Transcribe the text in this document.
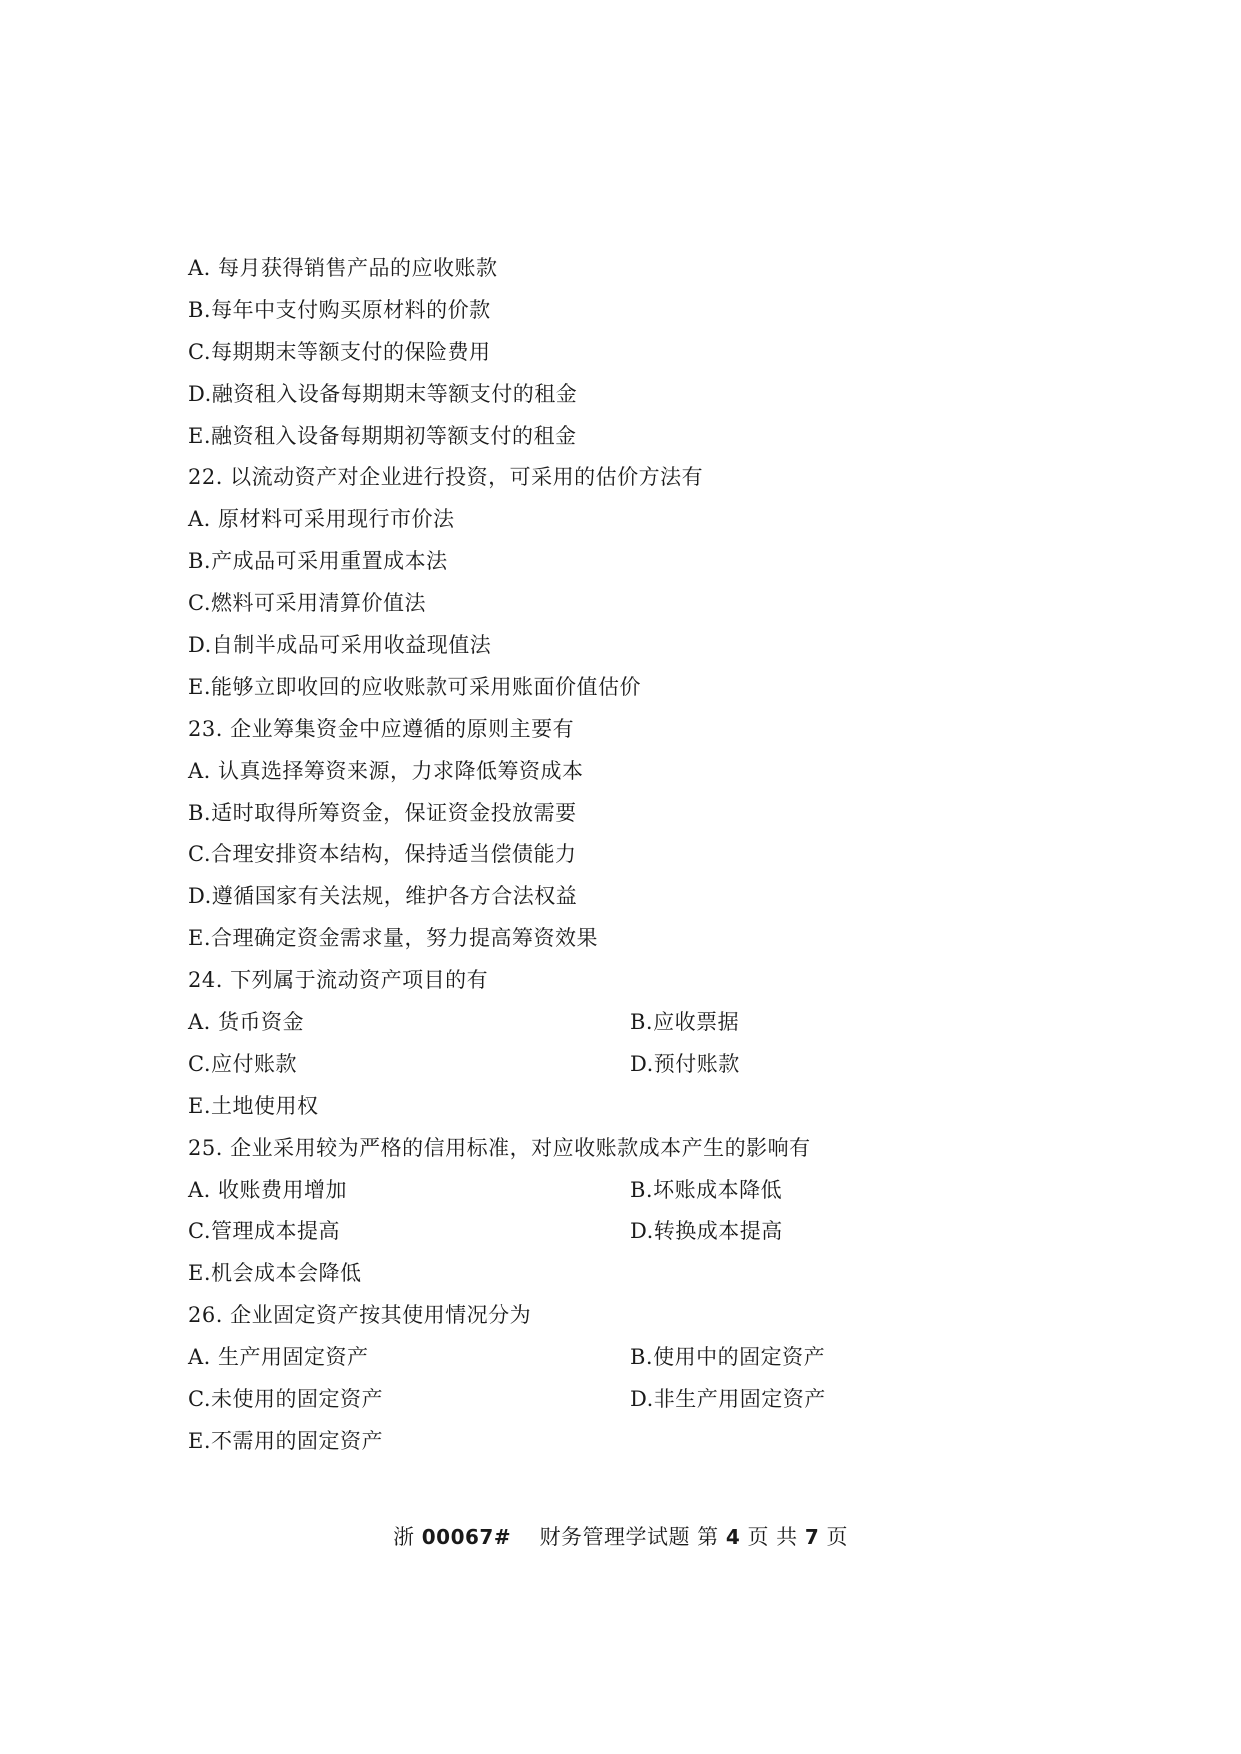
A. 每月获得销售产品的应收账款
B.每年中支付购买原材料的价款
C.每期期末等额支付的保险费用
D.融资租入设备每期期末等额支付的租金
E.融资租入设备每期期初等额支付的租金
22. 以流动资产对企业进行投资，可采用的估价方法有
A. 原材料可采用现行市价法
B.产成品可采用重置成本法
C.燃料可采用清算价值法
D.自制半成品可采用收益现值法
E.能够立即收回的应收账款可采用账面价值估价
23. 企业筹集资金中应遵循的原则主要有
A. 认真选择筹资来源，力求降低筹资成本
B.适时取得所筹资金，保证资金投放需要
C.合理安排资本结构，保持适当偿债能力
D.遵循国家有关法规，维护各方合法权益
E.合理确定资金需求量，努力提高筹资效果
24. 下列属于流动资产项目的有
A. 货币资金	B.应收票据
C.应付账款	D.预付账款
E.土地使用权
25. 企业采用较为严格的信用标准，对应收账款成本产生的影响有
A. 收账费用增加	B.坏账成本降低
C.管理成本提高	D.转换成本提高
E.机会成本会降低
26. 企业固定资产按其使用情况分为
A. 生产用固定资产	B.使用中的固定资产
C.未使用的固定资产	D.非生产用固定资产
E.不需用的固定资产
浙 00067# 财务管理学试题 第 4 页 共 7 页
